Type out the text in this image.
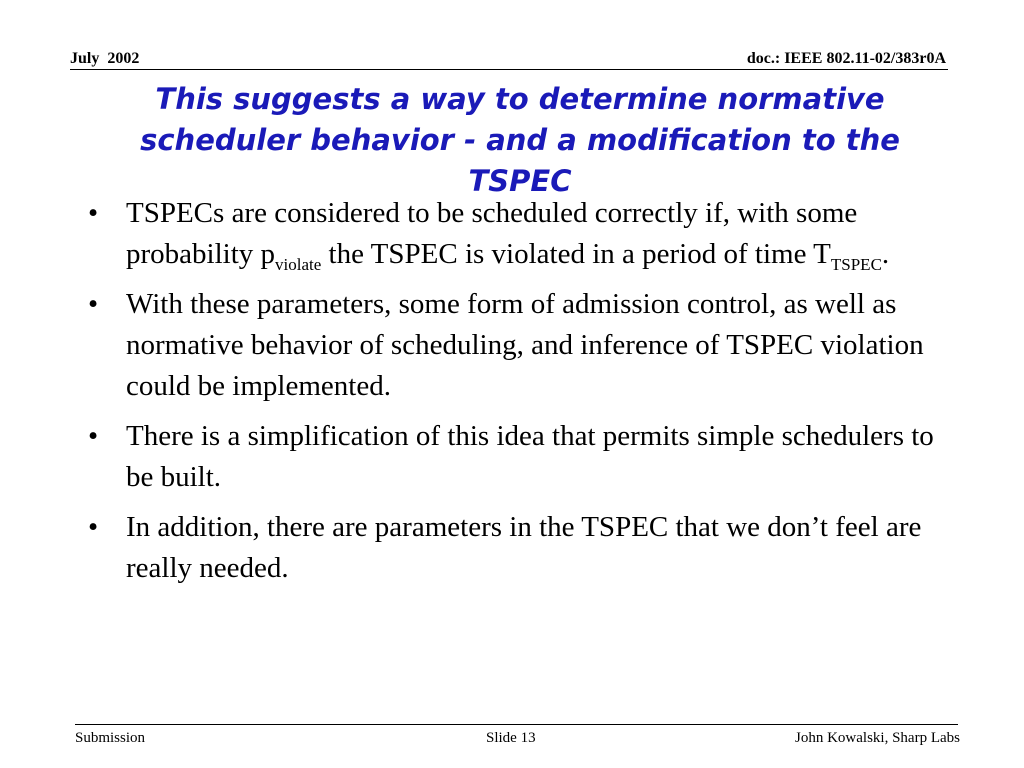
July  2002	doc.: IEEE 802.11-02/383r0A
This suggests a way to determine normative scheduler behavior - and a modification to the TSPEC
• TSPECs are considered to be scheduled correctly if, with some probability $p_{violate}$ the TSPEC is violated in a period of time $T_{TSPEC}$.
• With these parameters, some form of admission control, as well as normative behavior of scheduling, and inference of TSPEC violation could be implemented.
• There is a simplification of this idea that permits simple schedulers to be built.
• In addition, there are parameters in the TSPEC that we don’t feel are really needed.
Submission	Slide 13	John Kowalski, Sharp Labs
